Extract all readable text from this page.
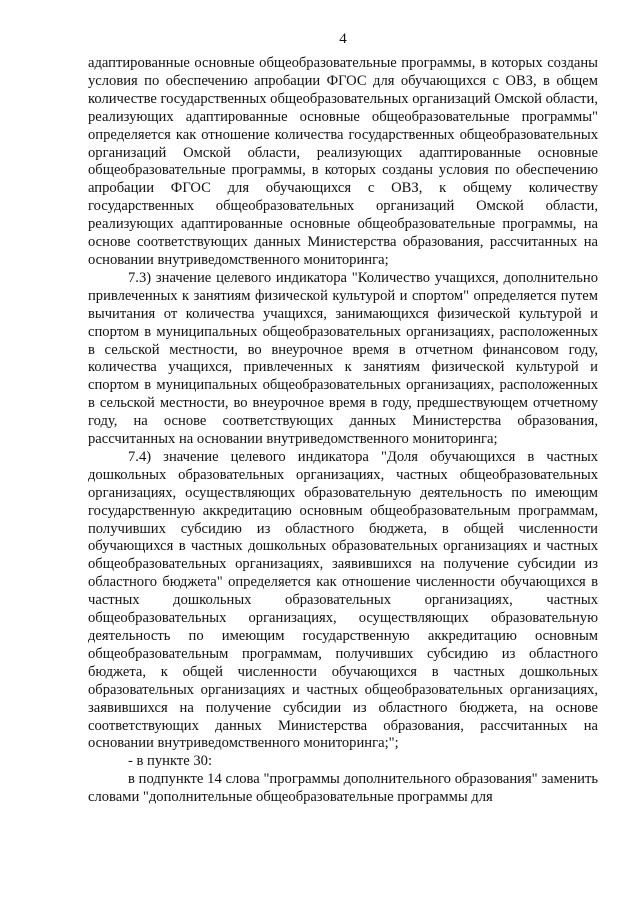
4

адаптированные основные общеобразовательные программы, в которых созданы условия по обеспечению апробации ФГОС для обучающихся с ОВЗ, в общем количестве государственных общеобразовательных организаций Омской области, реализующих адаптированные основные общеобразовательные программы" определяется как отношение количества государственных общеобразовательных организаций Омской области, реализующих адаптированные основные общеобразовательные программы, в которых созданы условия по обеспечению апробации ФГОС для обучающихся с ОВЗ, к общему количеству государственных общеобразовательных организаций Омской области, реализующих адаптированные основные общеобразовательные программы, на основе соответствующих данных Министерства образования, рассчитанных на основании внутриведомственного мониторинга;

7.3) значение целевого индикатора "Количество учащихся, дополнительно привлеченных к занятиям физической культурой и спортом" определяется путем вычитания от количества учащихся, занимающихся физической культурой и спортом в муниципальных общеобразовательных организациях, расположенных в сельской местности, во внеурочное время в отчетном финансовом году, количества учащихся, привлеченных к занятиям физической культурой и спортом в муниципальных общеобразовательных организациях, расположенных в сельской местности, во внеурочное время в году, предшествующем отчетному году, на основе соответствующих данных Министерства образования, рассчитанных на основании внутриведомственного мониторинга;

7.4) значение целевого индикатора "Доля обучающихся в частных дошкольных образовательных организациях, частных общеобразовательных организациях, осуществляющих образовательную деятельность по имеющим государственную аккредитацию основным общеобразовательным программам, получивших субсидию из областного бюджета, в общей численности обучающихся в частных дошкольных образовательных организациях и частных общеобразовательных организациях, заявившихся на получение субсидии из областного бюджета" определяется как отношение численности обучающихся в частных дошкольных образовательных организациях, частных общеобразовательных организациях, осуществляющих образовательную деятельность по имеющим государственную аккредитацию основным общеобразовательным программам, получивших субсидию из областного бюджета, к общей численности обучающихся в частных дошкольных образовательных организациях и частных общеобразовательных организациях, заявившихся на получение субсидии из областного бюджета, на основе соответствующих данных Министерства образования, рассчитанных на основании внутриведомственного мониторинга;";

- в пункте 30:

в подпункте 14 слова "программы дополнительного образования" заменить словами "дополнительные общеобразовательные программы для
